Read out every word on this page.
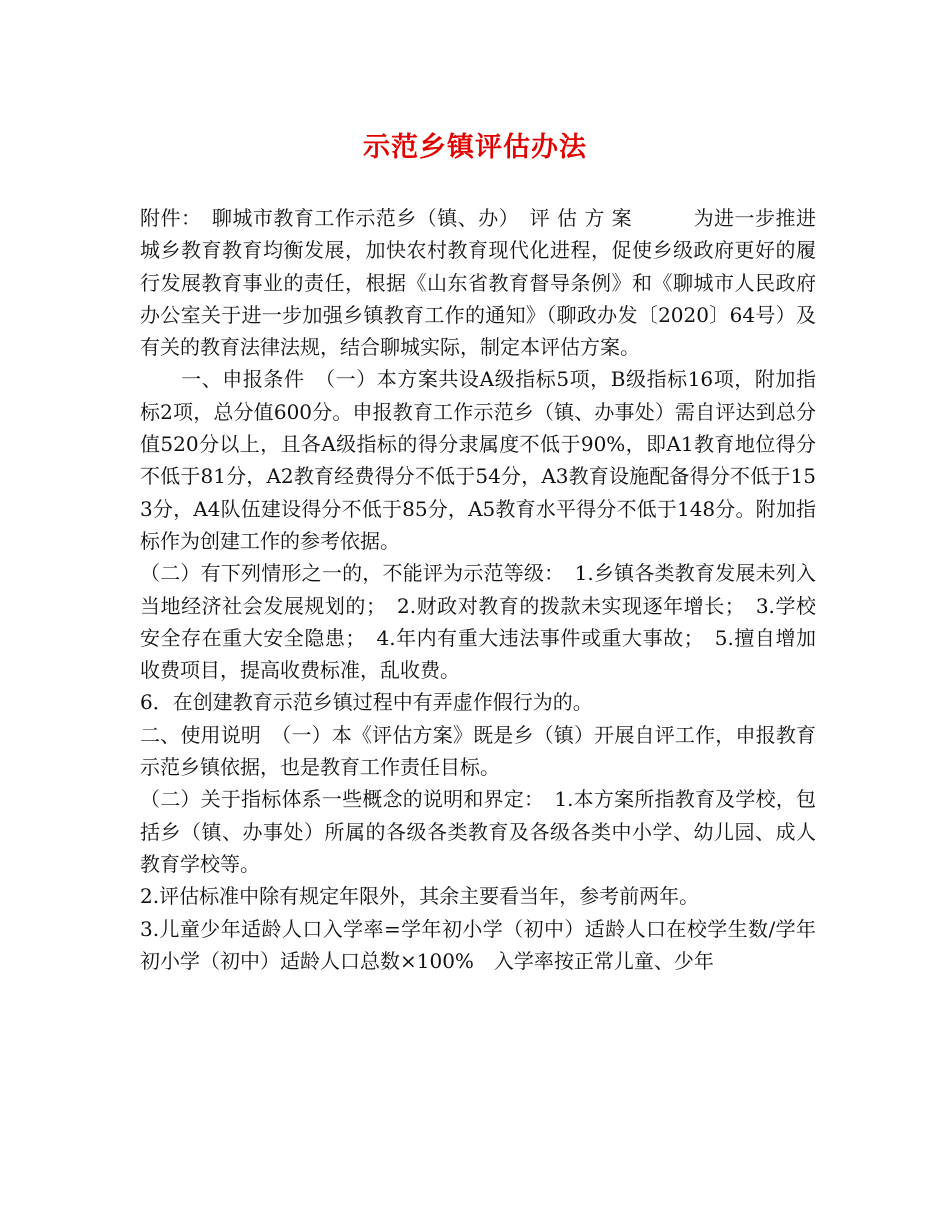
示范乡镇评估办法

附件：　聊城市教育工作示范乡（镇、办）　评 估 方 案　　　为进一步推进城乡教育教育均衡发展，加快农村教育现代化进程，促使乡级政府更好的履行发展教育事业的责任，根据《山东省教育督导条例》和《聊城市人民政府办公室关于进一步加强乡镇教育工作的通知》（聊政办发〔2020〕64号）及有关的教育法律法规，结合聊城实际，制定本评估方案。

　　一、申报条件　（一）本方案共设A级指标5项，B级指标16项，附加指标2项，总分值600分。申报教育工作示范乡（镇、办事处）需自评达到总分值520分以上，且各A级指标的得分隶属度不低于90%，即A1教育地位得分不低于81分，A2教育经费得分不低于54分，A3教育设施配备得分不低于153分，A4队伍建设得分不低于85分，A5教育水平得分不低于148分。附加指标作为创建工作的参考依据。

（二）有下列情形之一的，不能评为示范等级：　1.乡镇各类教育发展未列入当地经济社会发展规划的；　2.财政对教育的拨款未实现逐年增长；　3.学校安全存在重大安全隐患；　4.年内有重大违法事件或重大事故；　5.擅自增加收费项目，提高收费标准，乱收费。

6．在创建教育示范乡镇过程中有弄虚作假行为的。

二、使用说明　（一）本《评估方案》既是乡（镇）开展自评工作，申报教育示范乡镇依据，也是教育工作责任目标。

（二）关于指标体系一些概念的说明和界定：　1.本方案所指教育及学校，包括乡（镇、办事处）所属的各级各类教育及各级各类中小学、幼儿园、成人教育学校等。

2.评估标准中除有规定年限外，其余主要看当年，参考前两年。

3.儿童少年适龄人口入学率=学年初小学（初中）适龄人口在校学生数/学年初小学（初中）适龄人口总数×100%　入学率按正常儿童、少年
